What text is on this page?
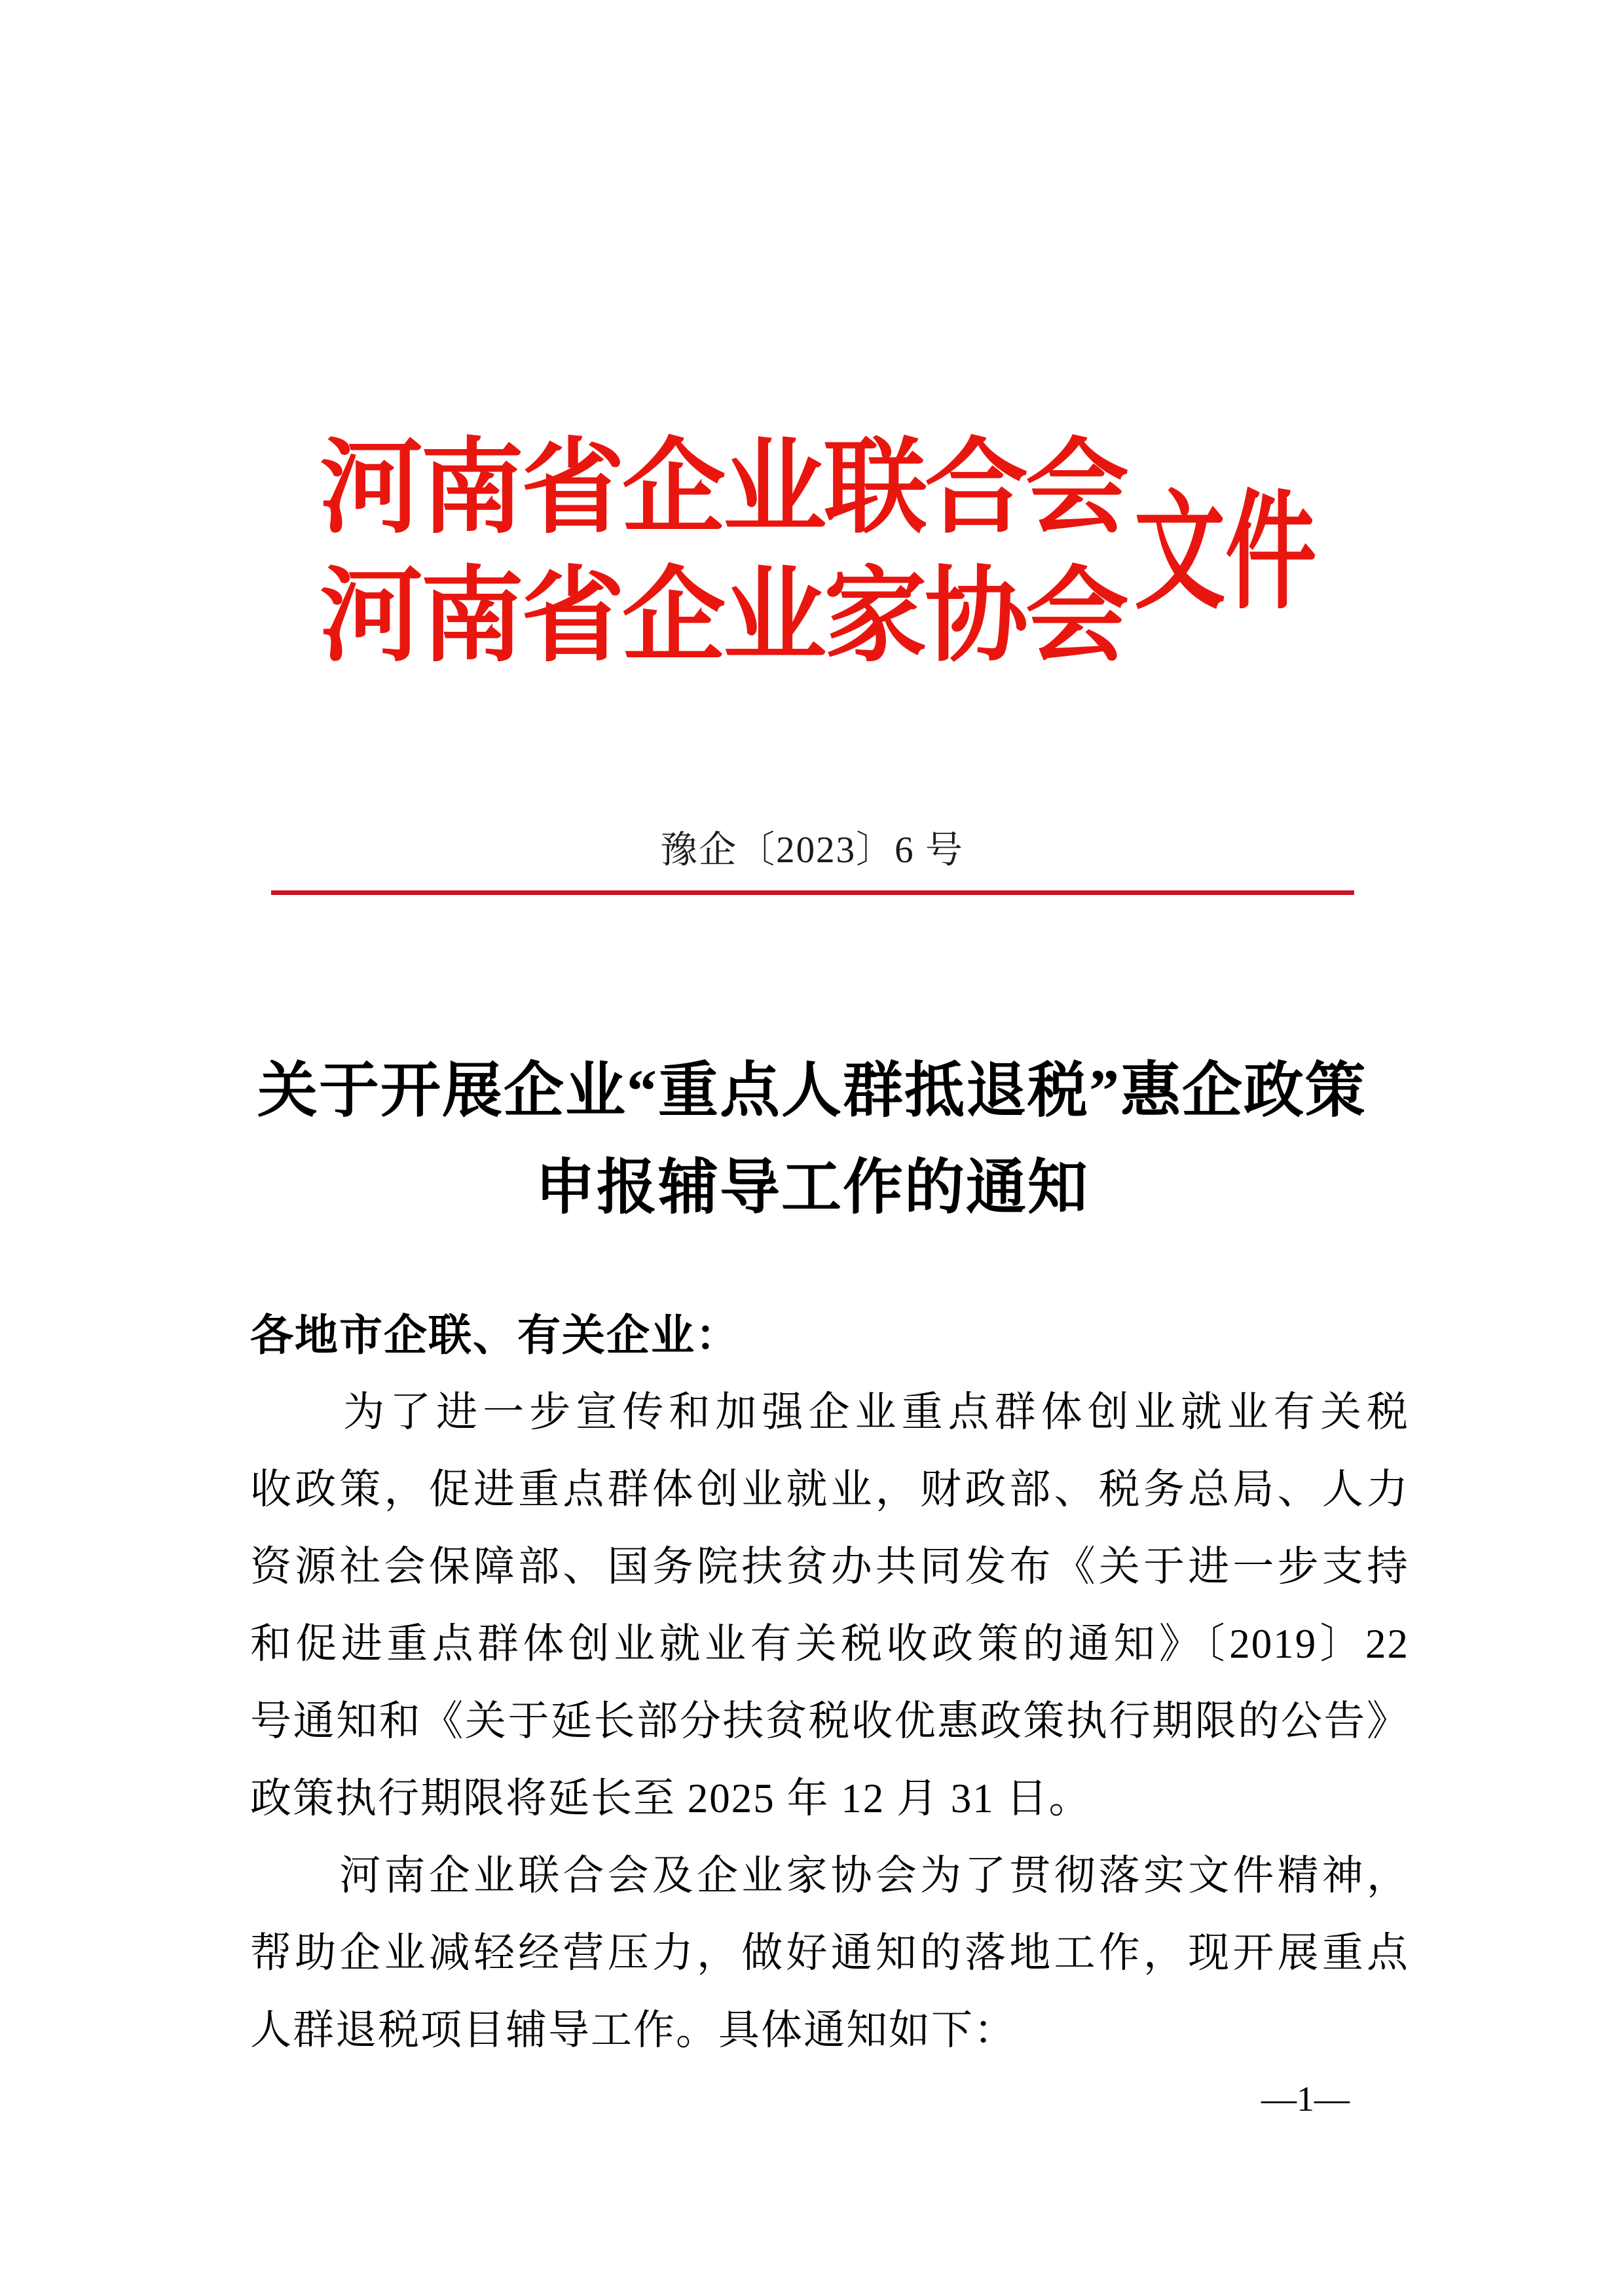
河南省企业联合会
河南省企业家协会 文件
豫企〔2023〕6 号
关于开展企业“重点人群抵退税”惠企政策
申报辅导工作的通知
各地市企联、有关企业：
　　为了进一步宣传和加强企业重点群体创业就业有关税
收政策，促进重点群体创业就业，财政部、税务总局、人力
资源社会保障部、国务院扶贫办共同发布《关于进一步支持
和促进重点群体创业就业有关税收政策的通知》〔2019〕22
号通知和《关于延长部分扶贫税收优惠政策执行期限的公告》
政策执行期限将延长至 2025 年 12 月 31 日。
　　河南企业联合会及企业家协会为了贯彻落实文件精神，
帮助企业减轻经营压力，做好通知的落地工作，现开展重点
人群退税项目辅导工作。具体通知如下：
—1—
